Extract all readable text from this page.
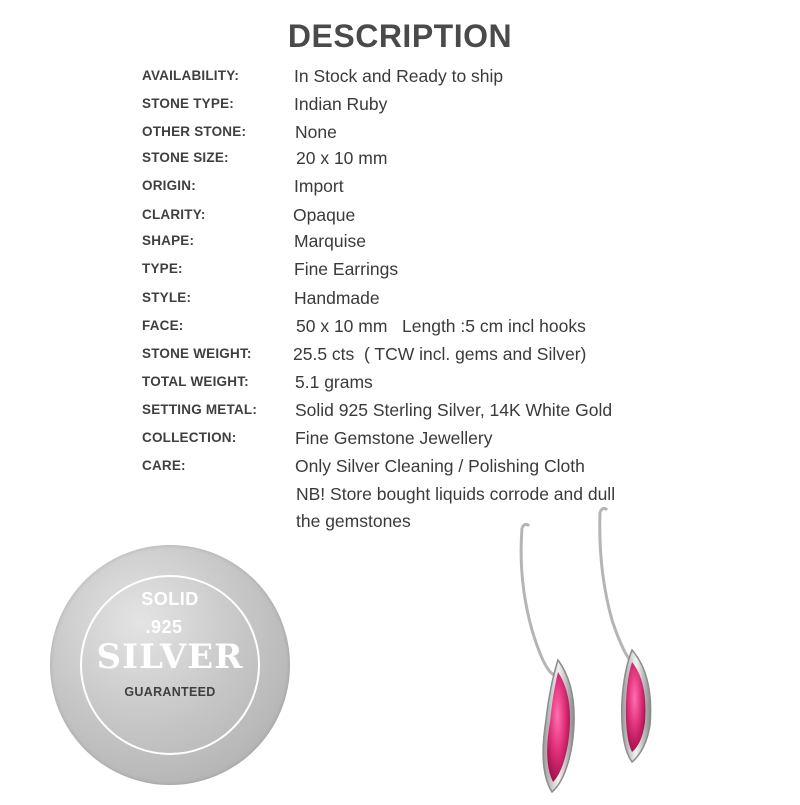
DESCRIPTION
AVAILABILITY:	In Stock and Ready to ship
STONE TYPE:	Indian Ruby
OTHER STONE:	None
STONE SIZE:	20 x 10 mm
ORIGIN:	Import
CLARITY:	Opaque
SHAPE:	Marquise
TYPE:	Fine Earrings
STYLE:	Handmade
FACE:	50 x 10 mm   Length :5 cm incl hooks
STONE WEIGHT: 25.5 cts  ( TCW incl. gems and Silver)
TOTAL WEIGHT:	5.1 grams
SETTING METAL: Solid 925 Sterling Silver, 14K White Gold
COLLECTION:	Fine Gemstone Jewellery
CARE:	Only Silver Cleaning / Polishing Cloth
NB! Store bought liquids corrode and dull
the gemstones
SOLID
.925
SILVER
GUARANTEED
